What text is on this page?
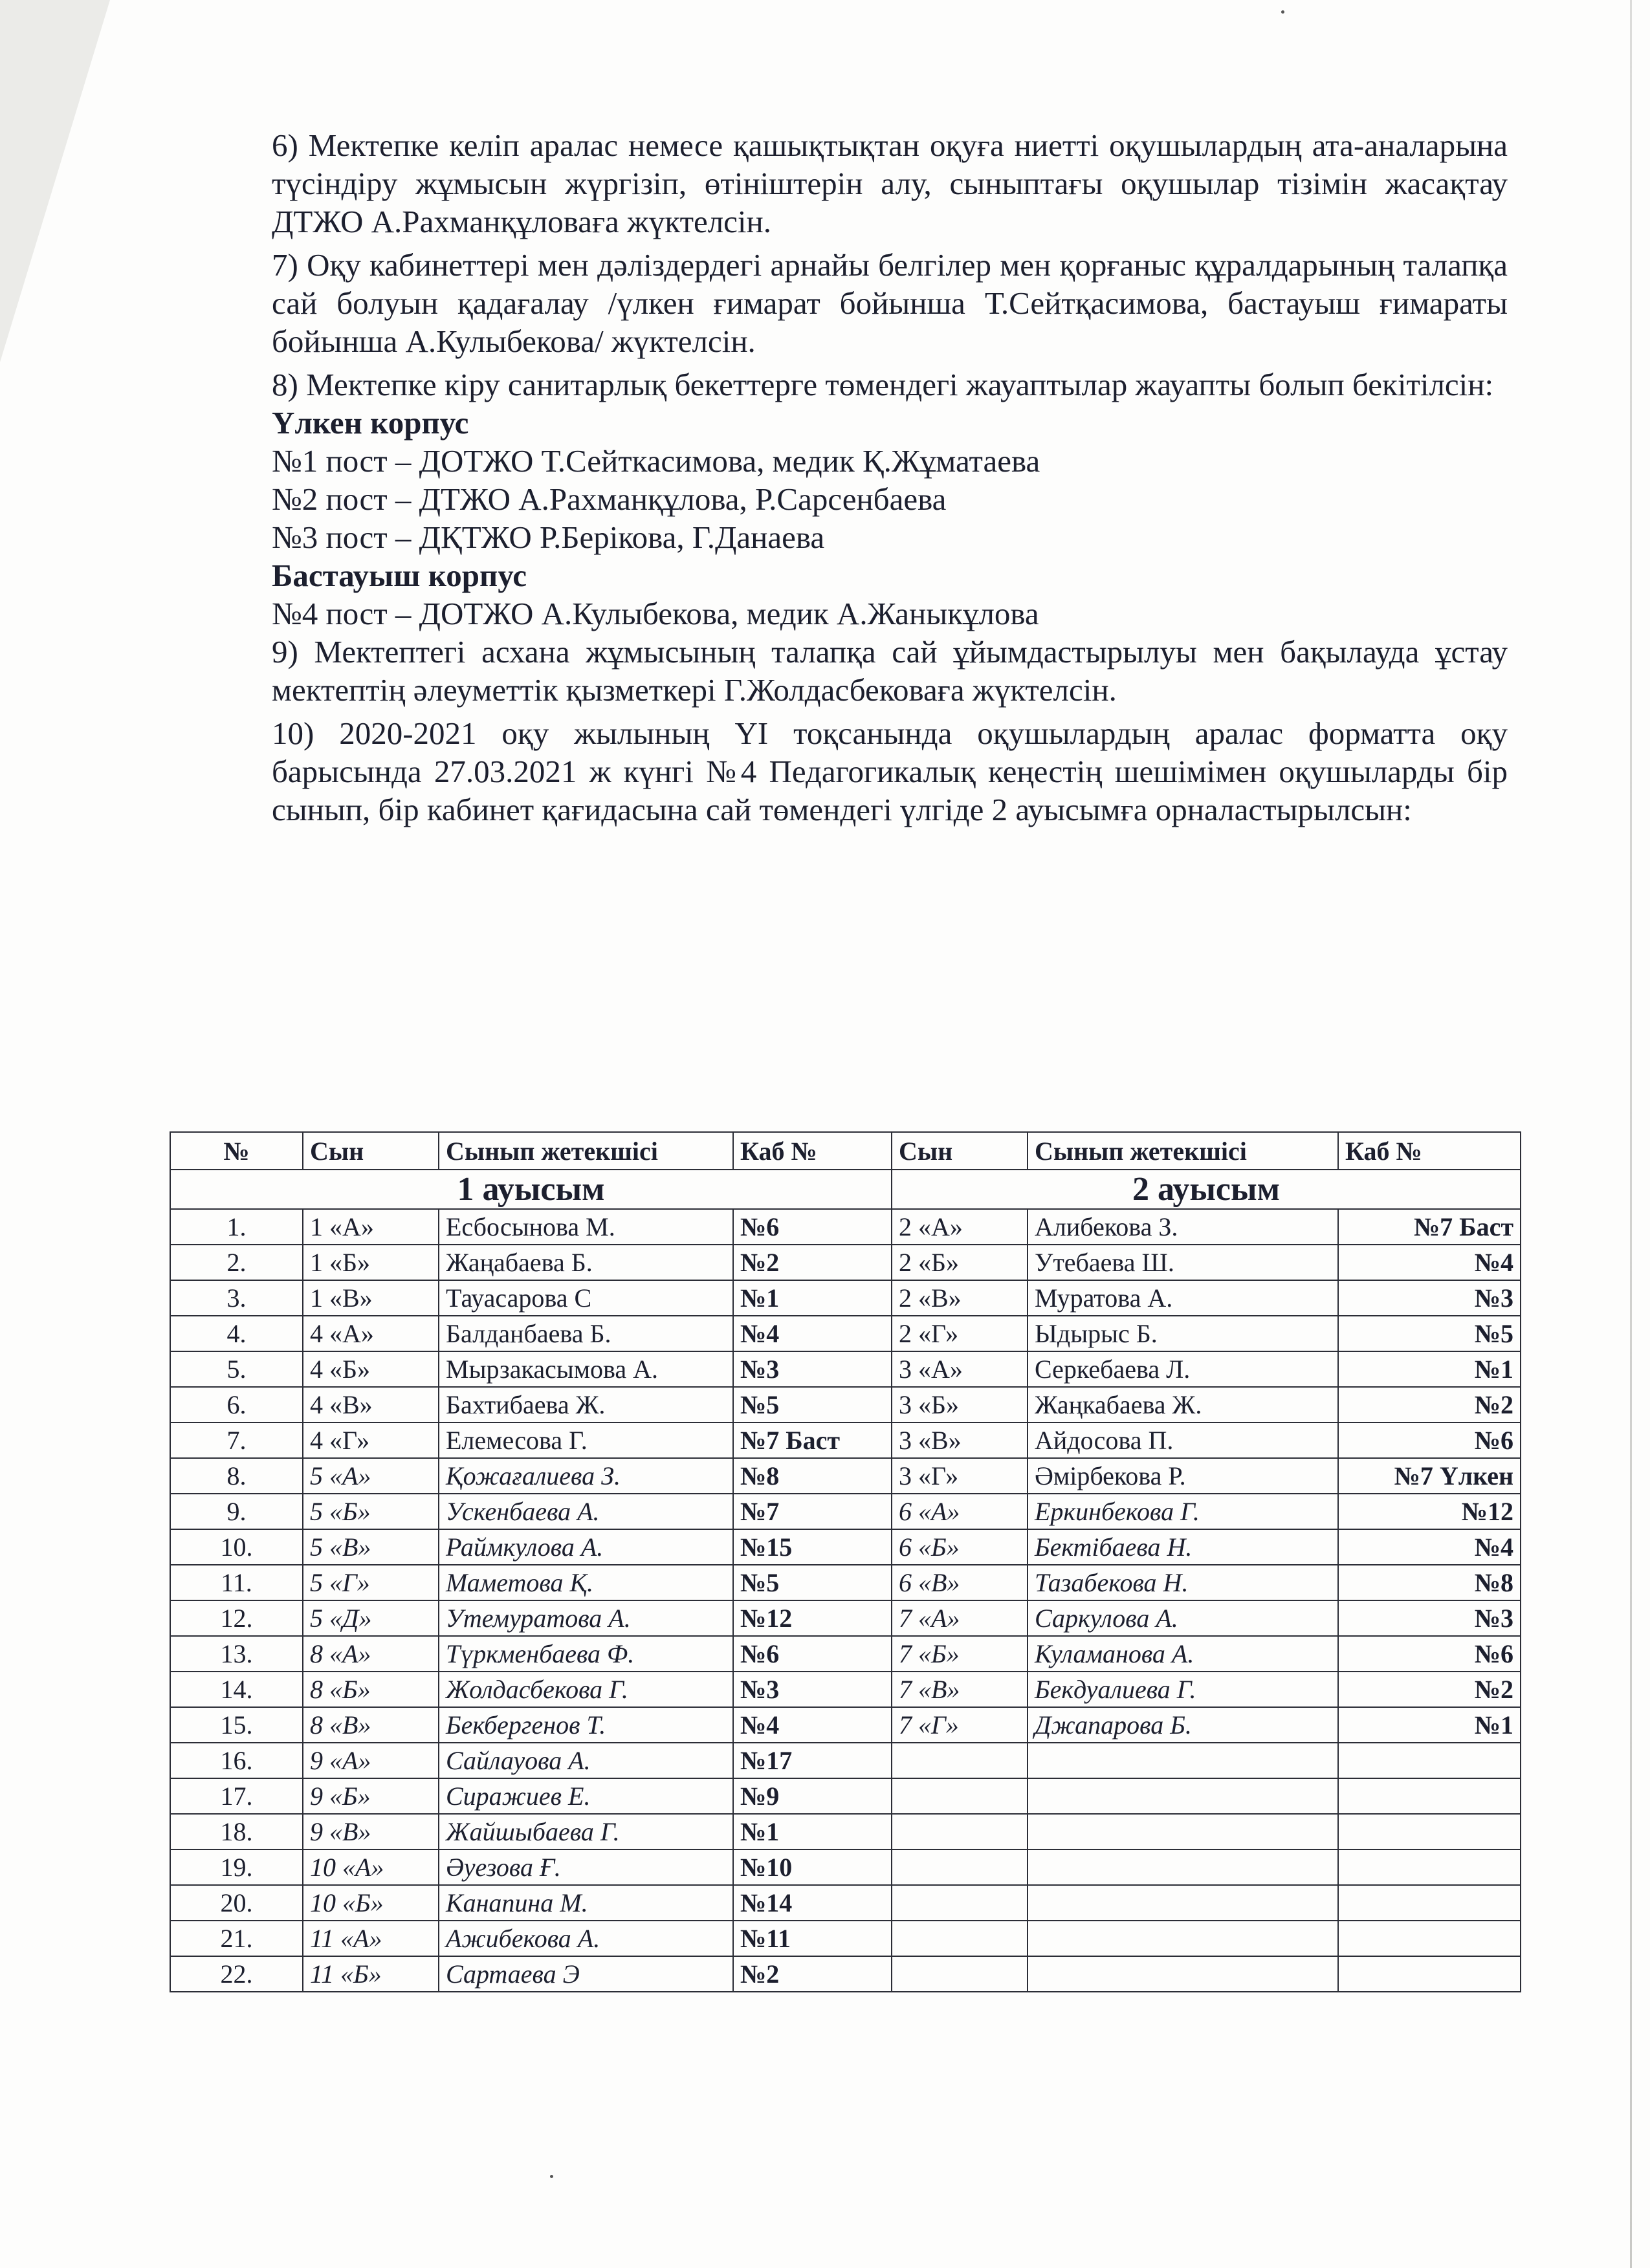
6) Мектепке келіп аралас немесе қашықтықтан оқуға ниетті оқушылардың ата-аналарына түсіндіру жұмысын жүргізіп, өтініштерін алу, сыныптағы оқушылар тізімін жасақтау ДТЖО А.Рахманқұловаға жүктелсін.

7) Оқу кабинеттері мен дәліздердегі арнайы белгілер мен қорғаныс құралдарының талапқа сай болуын қадағалау /үлкен ғимарат бойынша Т.Сейтқасимова, бастауыш ғимараты бойынша А.Кулыбекова/ жүктелсін.

8) Мектепке кіру санитарлық бекеттерге төмендегі жауаптылар жауапты болып бекітілсін:

Үлкен корпус

№1 пост – ДОТЖО Т.Сейткасимова, медик Қ.Жұматаева

№2 пост – ДТЖО А.Рахманқұлова, Р.Сарсенбаева

№3 пост – ДҚТЖО Р.Берікова, Г.Данаева

Бастауыш корпус

№4 пост – ДОТЖО А.Кулыбекова, медик А.Жаныкұлова

9) Мектептегі асхана жұмысының талапқа сай ұйымдастырылуы мен бақылауда ұстау мектептің әлеуметтік қызметкері Г.Жолдасбековаға жүктелсін.

10) 2020-2021 оқу жылының ҮІ тоқсанында оқушылардың аралас форматта оқу барысында 27.03.2021 ж күнгі №4 Педагогикалық кеңестің шешімімен оқушыларды бір сынып, бір кабинет қағидасына сай төмендегі үлгіде 2 ауысымға орналастырылсын:

№	Сын	Сынып жетекшісі	Каб №	Сын	Сынып жетекшісі	Каб №
1 ауысым				2 ауысым		
1.	1 «А»	Есбосынова М.	№6	2 «А»	Алибекова З.	№7 Баст
2.	1 «Б»	Жаңабаева Б.	№2	2 «Б»	Утебаева Ш.	№4
3.	1 «В»	Тауасарова С	№1	2 «В»	Муратова А.	№3
4.	4 «А»	Балданбаева Б.	№4	2 «Г»	Ыдырыс Б.	№5
5.	4 «Б»	Мырзакасымова А.	№3	3 «А»	Серкебаева Л.	№1
6.	4 «В»	Бахтибаева Ж.	№5	3 «Б»	Жаңкабаева Ж.	№2
7.	4 «Г»	Елемесова Г.	№7 Баст	3 «В»	Айдосова П.	№6
8.	5 «А»	Қожағалиева З.	№8	3 «Г»	Әмірбекова Р.	№7 Үлкен
9.	5 «Б»	Ускенбаева А.	№7	6 «А»	Еркинбекова Г.	№12
10.	5 «В»	Раймкулова А.	№15	6 «Б»	Бектібаева Н.	№4
11.	5 «Г»	Маметова Қ.	№5	6 «В»	Тазабекова Н.	№8
12.	5 «Д»	Утемуратова А.	№12	7 «А»	Саркулова А.	№3
13.	8 «А»	Түркменбаева Ф.	№6	7 «Б»	Куламанова А.	№6
14.	8 «Б»	Жолдасбекова Г.	№3	7 «В»	Бекдуалиева Г.	№2
15.	8 «В»	Бекбергенов Т.	№4	7 «Г»	Джапарова Б.	№1
16.	9 «А»	Сайлауова А.	№17			
17.	9 «Б»	Сиражиев Е.	№9			
18.	9 «В»	Жайшыбаева Г.	№1			
19.	10 «А»	Әуезова Ғ.	№10			
20.	10 «Б»	Канапина М.	№14			
21.	11 «А»	Ажибекова А.	№11			
22.	11 «Б»	Сартаева Э	№2			
